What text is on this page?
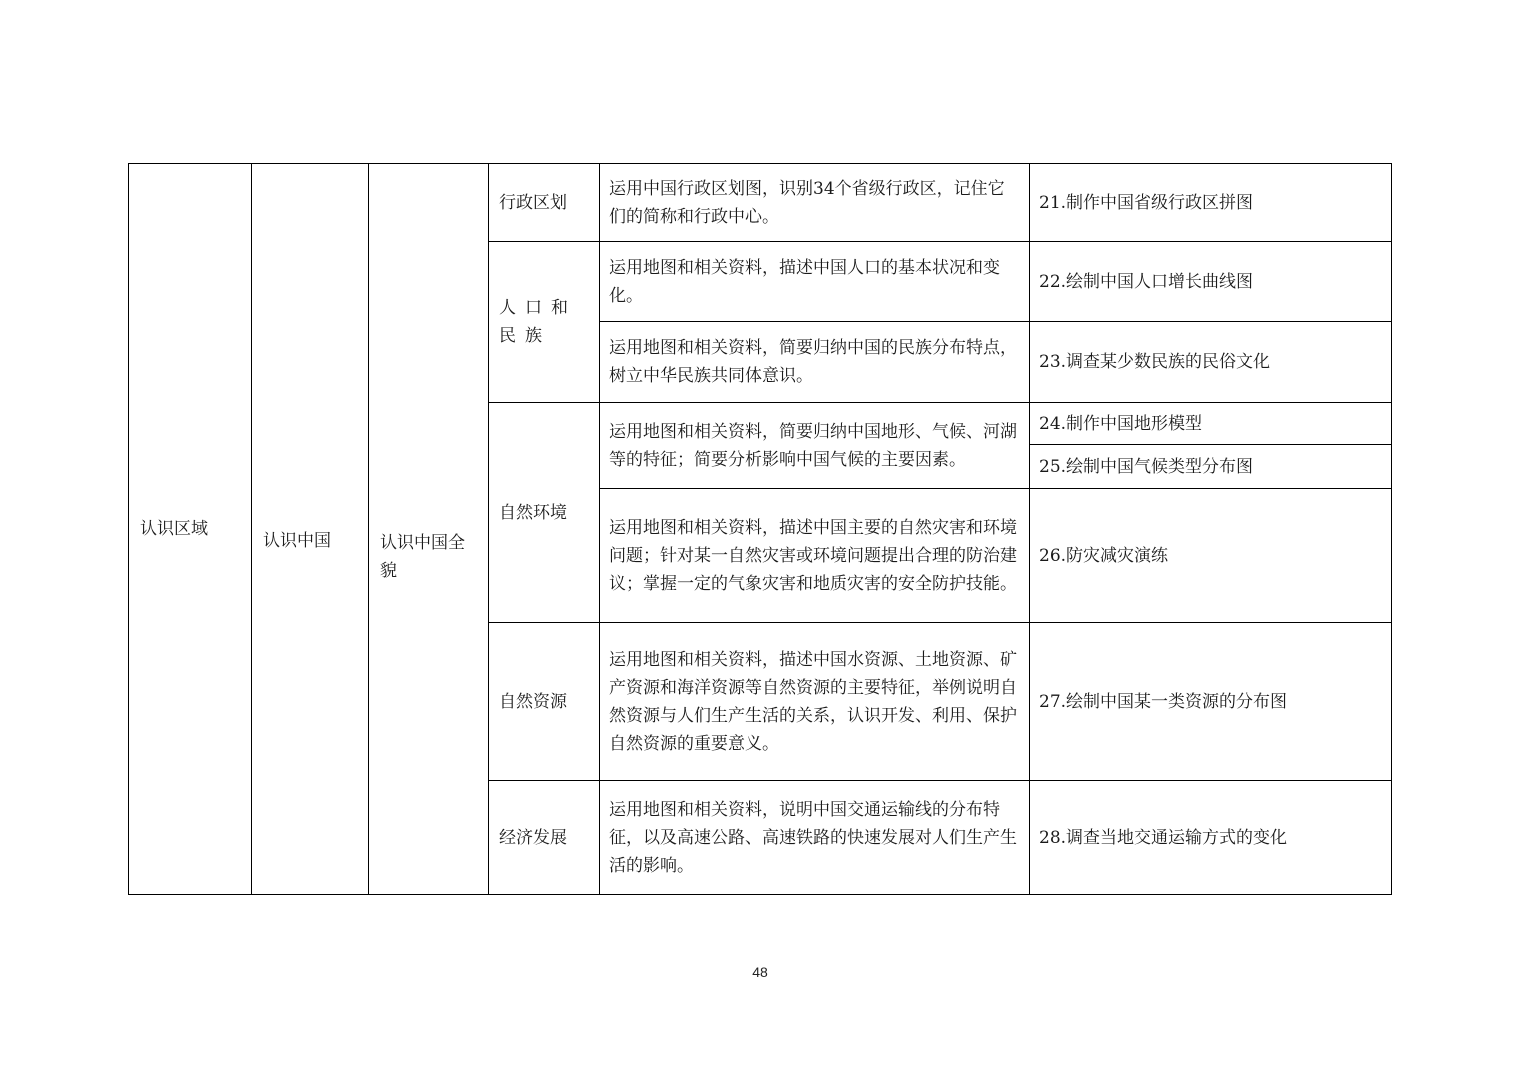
认识区域	认识中国	认识中国全貌	行政区划	运用中国行政区划图，识别34个省级行政区，记住它们的简称和行政中心。	21.制作中国省级行政区拼图
			人口和民族	运用地图和相关资料，描述中国人口的基本状况和变化。	22.绘制中国人口增长曲线图
				运用地图和相关资料，简要归纳中国的民族分布特点，树立中华民族共同体意识。	23.调查某少数民族的民俗文化
			自然环境	运用地图和相关资料，简要归纳中国地形、气候、河湖等的特征；简要分析影响中国气候的主要因素。	24.制作中国地形模型
					25.绘制中国气候类型分布图
				运用地图和相关资料，描述中国主要的自然灾害和环境问题；针对某一自然灾害或环境问题提出合理的防治建议；掌握一定的气象灾害和地质灾害的安全防护技能。	26.防灾减灾演练
			自然资源	运用地图和相关资料，描述中国水资源、土地资源、矿产资源和海洋资源等自然资源的主要特征，举例说明自然资源与人们生产生活的关系，认识开发、利用、保护自然资源的重要意义。	27.绘制中国某一类资源的分布图
			经济发展	运用地图和相关资料，说明中国交通运输线的分布特征，以及高速公路、高速铁路的快速发展对人们生产生活的影响。	28.调查当地交通运输方式的变化
48
